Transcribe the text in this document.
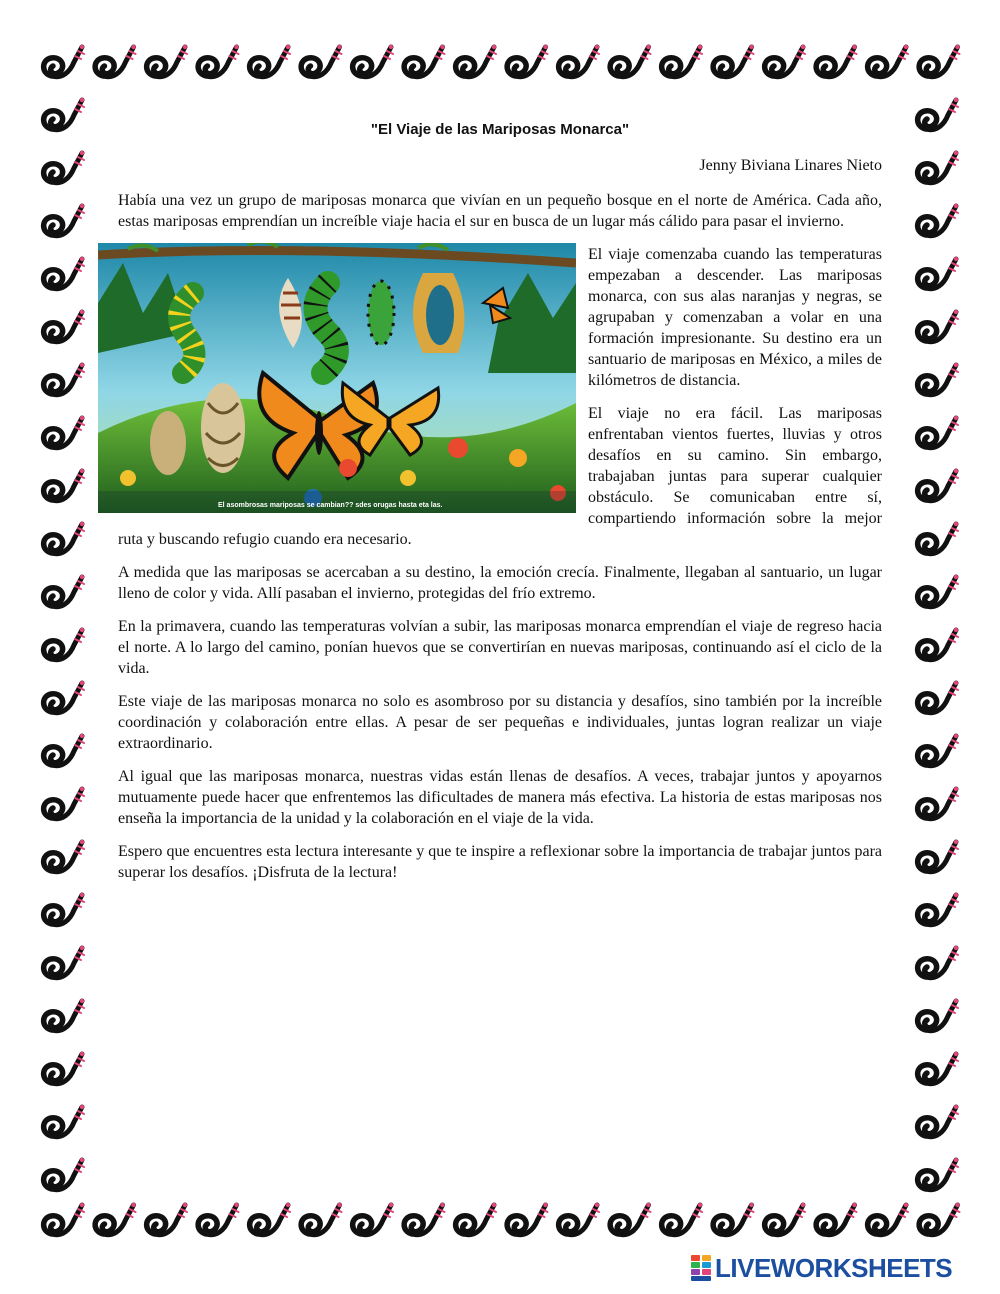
"El Viaje de las Mariposas Monarca"
Jenny Biviana Linares Nieto

Había una vez un grupo de mariposas monarca que vivían en un pequeño bosque en el norte de América. Cada año, estas mariposas emprendían un increíble viaje hacia el sur en busca de un lugar más cálido para pasar el invierno.

El asombrosas mariposas se cambian?? sdes orugas hasta eta las.

El viaje comenzaba cuando las temperaturas empezaban a descender. Las mariposas monarca, con sus alas naranjas y negras, se agrupaban y comenzaban a volar en una formación impresionante. Su destino era un santuario de mariposas en México, a miles de kilómetros de distancia.

El viaje no era fácil. Las mariposas enfrentaban vientos fuertes, lluvias y otros desafíos en su camino. Sin embargo, trabajaban juntas para superar cualquier obstáculo. Se comunicaban entre sí, compartiendo información sobre la mejor ruta y buscando refugio cuando era necesario.

A medida que las mariposas se acercaban a su destino, la emoción crecía. Finalmente, llegaban al santuario, un lugar lleno de color y vida. Allí pasaban el invierno, protegidas del frío extremo.

En la primavera, cuando las temperaturas volvían a subir, las mariposas monarca emprendían el viaje de regreso hacia el norte. A lo largo del camino, ponían huevos que se convertirían en nuevas mariposas, continuando así el ciclo de la vida.

Este viaje de las mariposas monarca no solo es asombroso por su distancia y desafíos, sino también por la increíble coordinación y colaboración entre ellas. A pesar de ser pequeñas e individuales, juntas logran realizar un viaje extraordinario.

Al igual que las mariposas monarca, nuestras vidas están llenas de desafíos. A veces, trabajar juntos y apoyarnos mutuamente puede hacer que enfrentemos las dificultades de manera más efectiva. La historia de estas mariposas nos enseña la importancia de la unidad y la colaboración en el viaje de la vida.

Espero que encuentres esta lectura interesante y que te inspire a reflexionar sobre la importancia de trabajar juntos para superar los desafíos. ¡Disfruta de la lectura!

LIVEWORKSHEETS
